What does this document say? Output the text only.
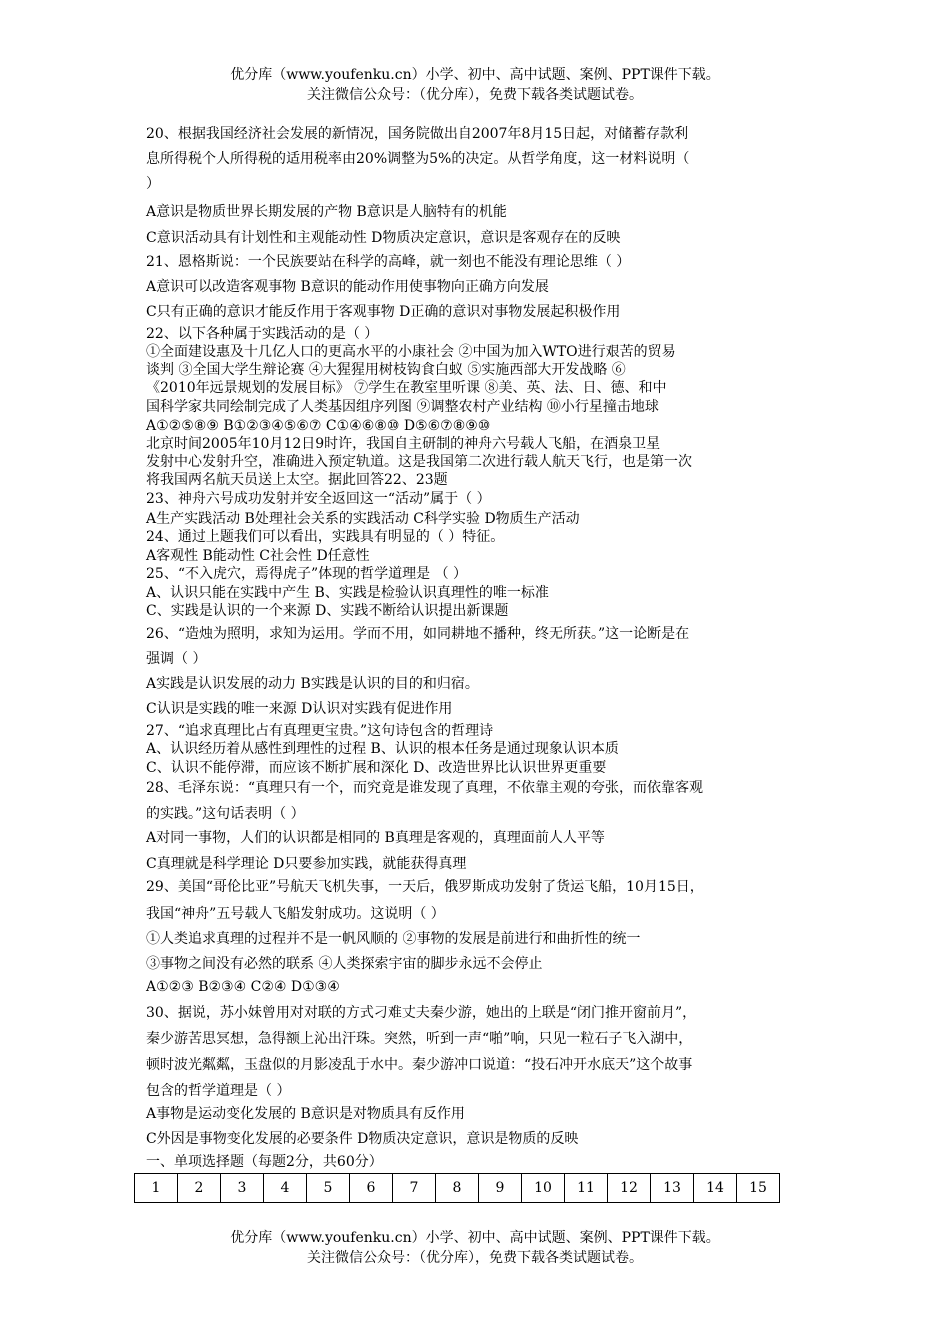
优分库（www.youfenku.cn）小学、初中、高中试题、案例、PPT课件下载。
关注微信公众号：（优分库），免费下载各类试题试卷。
20、根据我国经济社会发展的新情况，国务院做出自2007年8月15日起，对储蓄存款利
息所得税个人所得税的适用税率由20%调整为5%的决定。从哲学角度，这一材料说明（
）
A意识是物质世界长期发展的产物 B意识是人脑特有的机能
C意识活动具有计划性和主观能动性 D物质决定意识，意识是客观存在的反映
21、恩格斯说：一个民族要站在科学的高峰，就一刻也不能没有理论思维（ ）
A意识可以改造客观事物 B意识的能动作用使事物向正确方向发展
C只有正确的意识才能反作用于客观事物 D正确的意识对事物发展起积极作用
22、以下各种属于实践活动的是（ ）
①全面建设惠及十几亿人口的更高水平的小康社会 ②中国为加入WTO进行艰苦的贸易
谈判 ③全国大学生辩论赛 ④大猩猩用树枝钩食白蚁 ⑤实施西部大开发战略 ⑥
《2010年远景规划的发展目标》 ⑦学生在教室里听课 ⑧美、英、法、日、德、和中
国科学家共同绘制完成了人类基因组序列图 ⑨调整农村产业结构 ⑩小行星撞击地球
A①②⑤⑧⑨ B①②③④⑤⑥⑦ C①④⑥⑧⑩ D⑤⑥⑦⑧⑨⑩
北京时间2005年10月12日9时许，我国自主研制的神舟六号载人飞船，在酒泉卫星
发射中心发射升空，准确进入预定轨道。这是我国第二次进行载人航天飞行，也是第一次
将我国两名航天员送上太空。据此回答22、23题
23、神舟六号成功发射并安全返回这一“活动”属于（ ）
A生产实践活动 B处理社会关系的实践活动 C科学实验 D物质生产活动
24、通过上题我们可以看出，实践具有明显的（ ）特征。
A客观性 B能动性 C社会性 D任意性
25、“不入虎穴，焉得虎子”体现的哲学道理是 （ ）
A、认识只能在实践中产生 B、实践是检验认识真理性的唯一标准
C、实践是认识的一个来源 D、实践不断给认识提出新课题
26、“造烛为照明，求知为运用。学而不用，如同耕地不播种，终无所获。”这一论断是在
强调（ ）
A实践是认识发展的动力 B实践是认识的目的和归宿。
C认识是实践的唯一来源 D认识对实践有促进作用
27、“追求真理比占有真理更宝贵。”这句诗包含的哲理诗
A、认识经历着从感性到理性的过程 B、认识的根本任务是通过现象认识本质
C、认识不能停滞，而应该不断扩展和深化 D、改造世界比认识世界更重要
28、毛泽东说：“真理只有一个，而究竟是谁发现了真理，不依靠主观的夸张，而依靠客观
的实践。”这句话表明（ ）
A对同一事物，人们的认识都是相同的 B真理是客观的，真理面前人人平等
C真理就是科学理论 D只要参加实践，就能获得真理
29、美国“哥伦比亚”号航天飞机失事，一天后，俄罗斯成功发射了货运飞船，10月15日，
我国“神舟”五号载人飞船发射成功。这说明（ ）
①人类追求真理的过程并不是一帆风顺的 ②事物的发展是前进行和曲折性的统一
③事物之间没有必然的联系 ④人类探索宇宙的脚步永远不会停止
A①②③ B②③④ C②④ D①③④
30、据说，苏小妹曾用对对联的方式刁难丈夫秦少游，她出的上联是“闭门推开窗前月”，
秦少游苦思冥想，急得额上沁出汗珠。突然，听到一声“啪”响，只见一粒石子飞入湖中，
顿时波光粼粼，玉盘似的月影凌乱于水中。秦少游冲口说道：“投石冲开水底天”这个故事
包含的哲学道理是（ ）
A事物是运动变化发展的 B意识是对物质具有反作用
C外因是事物变化发展的必要条件 D物质决定意识，意识是物质的反映
一、单项选择题（每题2分，共60分）
1	2	3	4	5	6	7	8	9	10	11	12	13	14	15
优分库（www.youfenku.cn）小学、初中、高中试题、案例、PPT课件下载。
关注微信公众号：（优分库），免费下载各类试题试卷。
